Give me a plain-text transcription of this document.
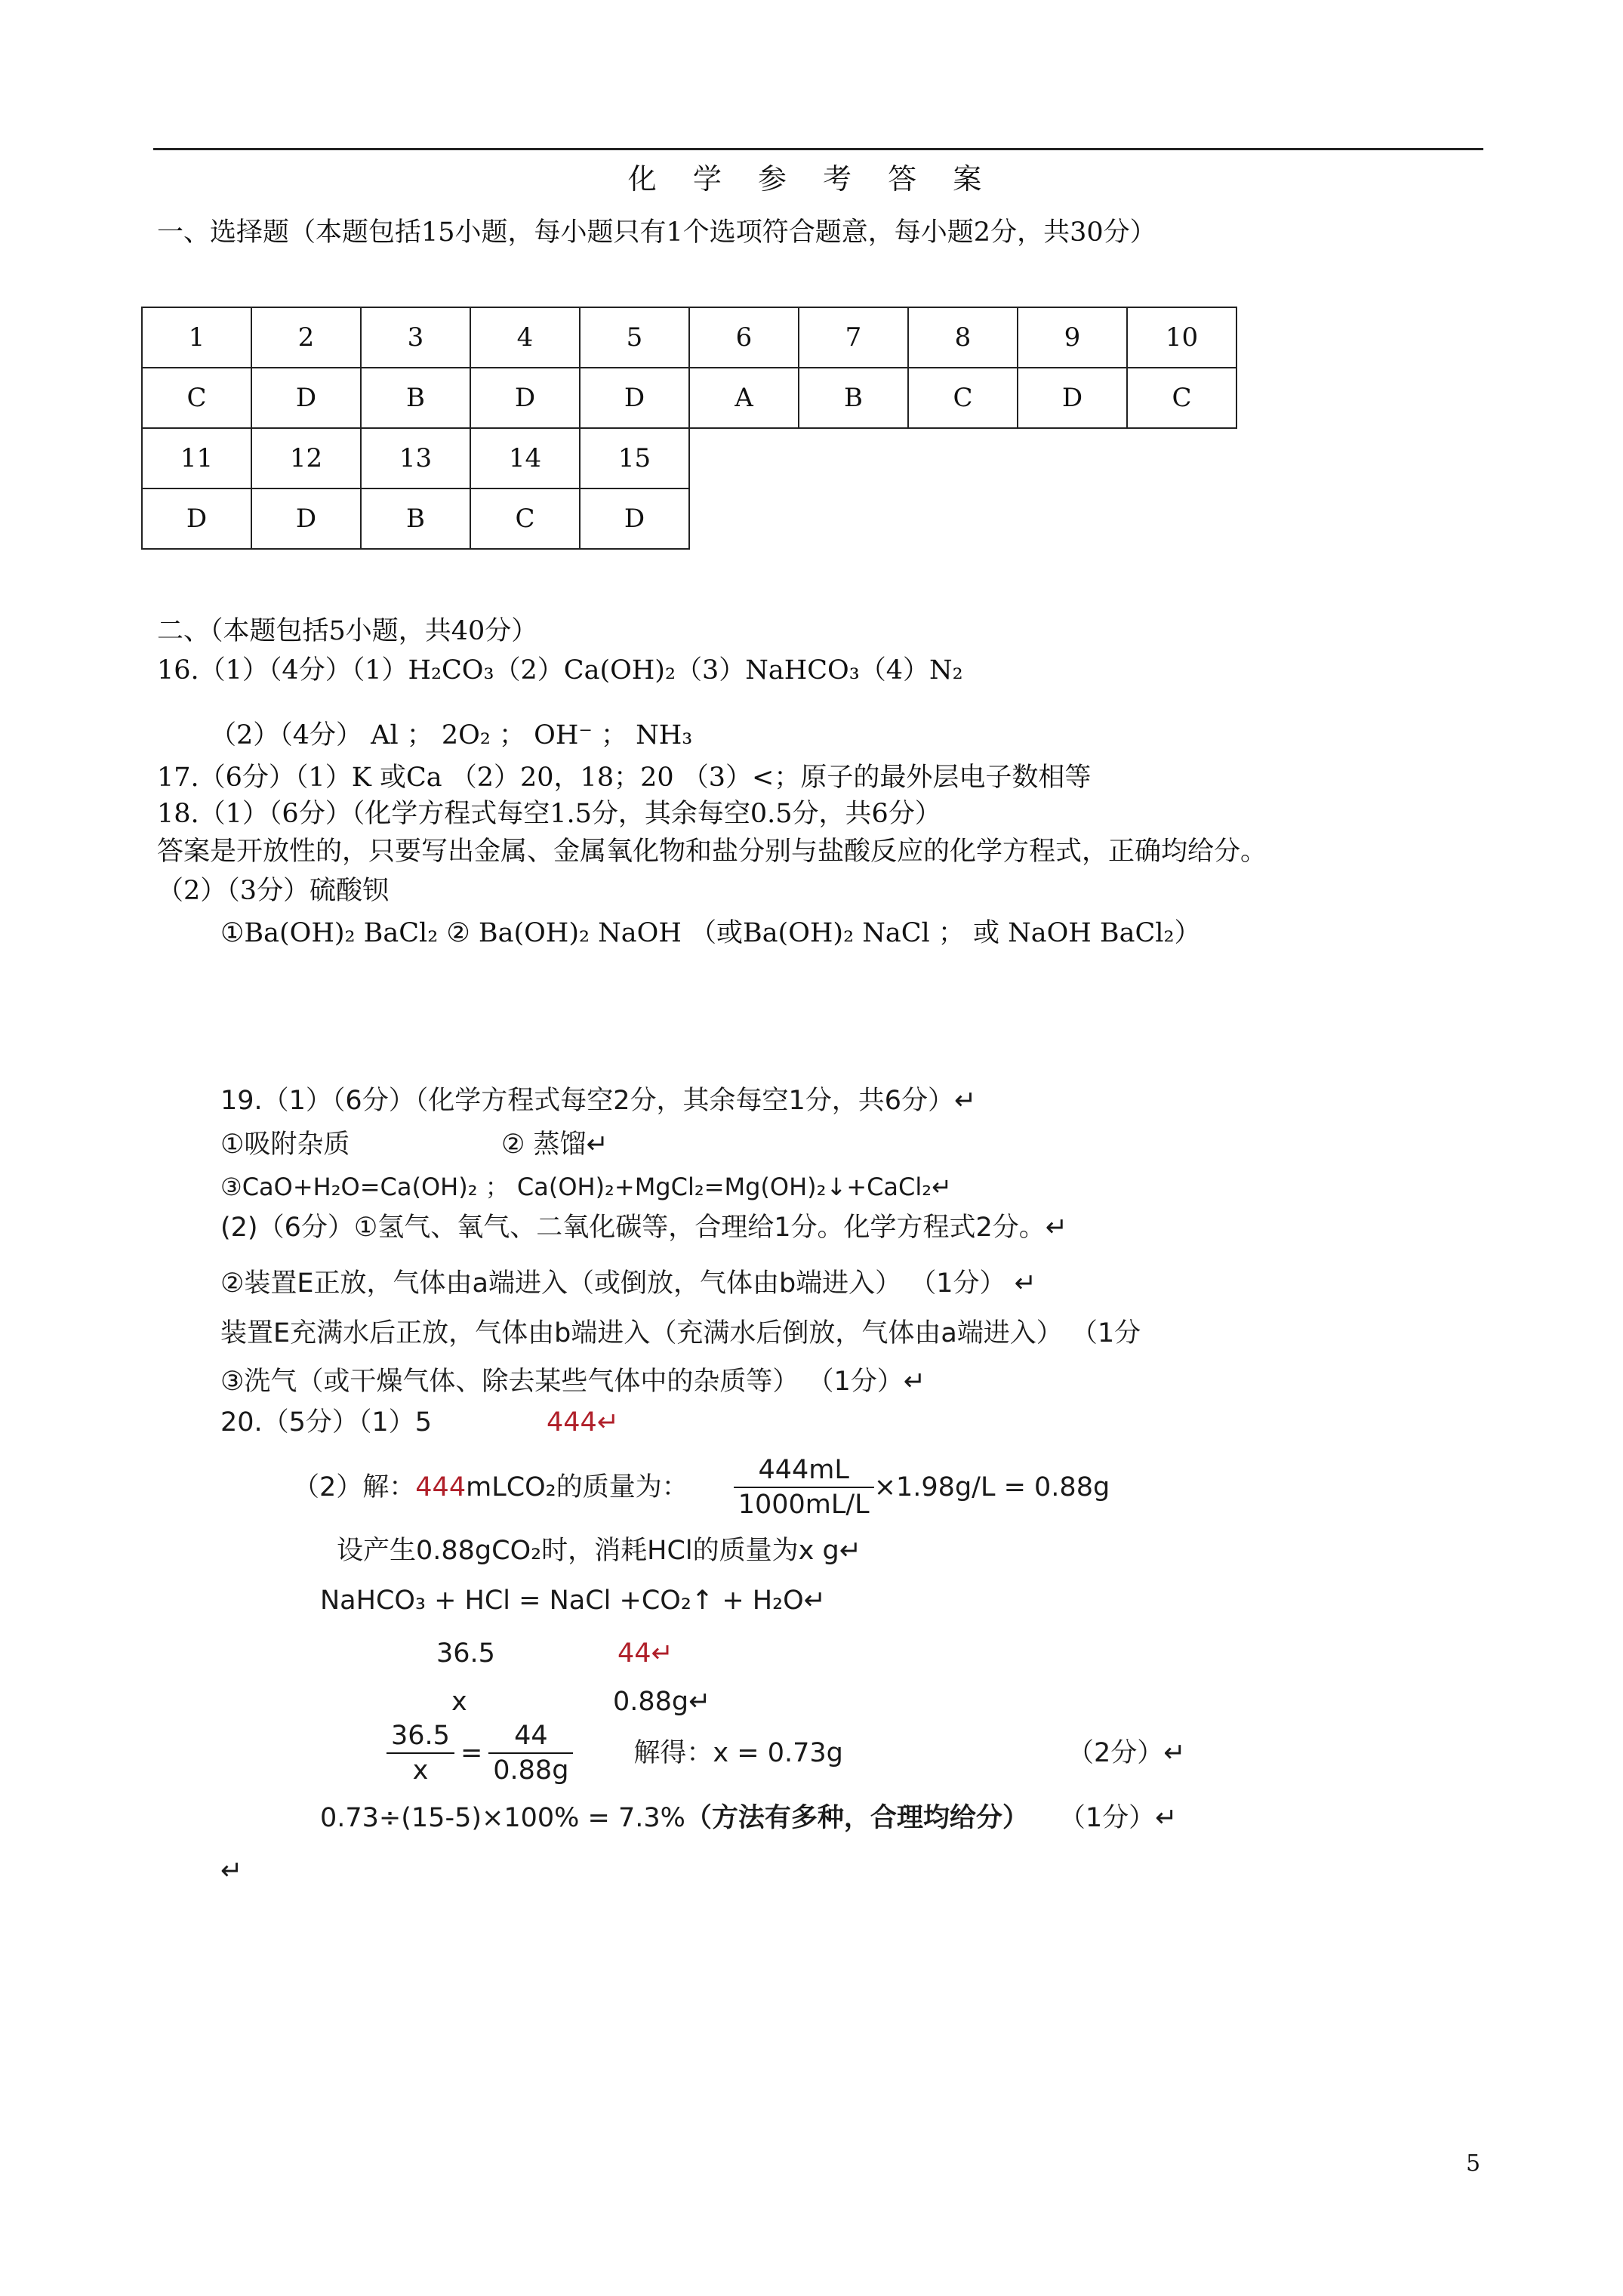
化 学 参 考 答 案
一、选择题（本题包括15小题，每小题只有1个选项符合题意，每小题2分，共30分）
1	2	3	4	5	6	7	8	9	10
C	D	B	D	D	A	B	C	D	C
11	12	13	14	15					
D	D	B	C	D					
二、（本题包括5小题，共40分）
16.（1）（4分）（1）H₂CO₃（2）Ca(OH)₂（3）NaHCO₃（4）N₂
（2）（4分） Al ； 2O₂ ； OH⁻ ； NH₃
17.（6分）（1）K 或Ca （2）20，18；20 （3）<；原子的最外层电子数相等
18.（1）（6分）（化学方程式每空1.5分，其余每空0.5分，共6分）
答案是开放性的，只要写出金属、金属氧化物和盐分别与盐酸反应的化学方程式，正确均给分。
（2）（3分）硫酸钡
①Ba(OH)₂ BaCl₂ ② Ba(OH)₂ NaOH （或Ba(OH)₂ NaCl ； 或 NaOH BaCl₂）
19.（1）（6分）（化学方程式每空2分，其余每空1分，共6分）↵
①吸附杂质	② 蒸馏↵
③CaO+H₂O=Ca(OH)₂ ； Ca(OH)₂+MgCl₂=Mg(OH)₂↓+CaCl₂↵
(2)（6分）①氢气、氧气、二氧化碳等，合理给1分。化学方程式2分。↵
②装置E正放，气体由a端进入（或倒放，气体由b端进入） （1分） ↵
装置E充满水后正放，气体由b端进入（充满水后倒放，气体由a端进入） （1分
③洗气（或干燥气体、除去某些气体中的杂质等） （1分）↵
20.（5分）（1）5	444↵
（2）解： 444 mLCO₂的质量为： $\frac{444mL}{1000mL/L} \times 1.98g/L = 0.88g$
设产生0.88gCO₂时，消耗HCl的质量为x g↵
NaHCO₃ + HCl = NaCl +CO₂↑ + H₂O↵
36.5	44↵
x	0.88g↵
$\frac{36.5}{x} = \frac{44}{0.88g}$ 解得：x = 0.73g	（2分）↵
0.73÷(15-5)×100% = 7.3%（方法有多种，合理均给分） （1分）↵
↵
5
